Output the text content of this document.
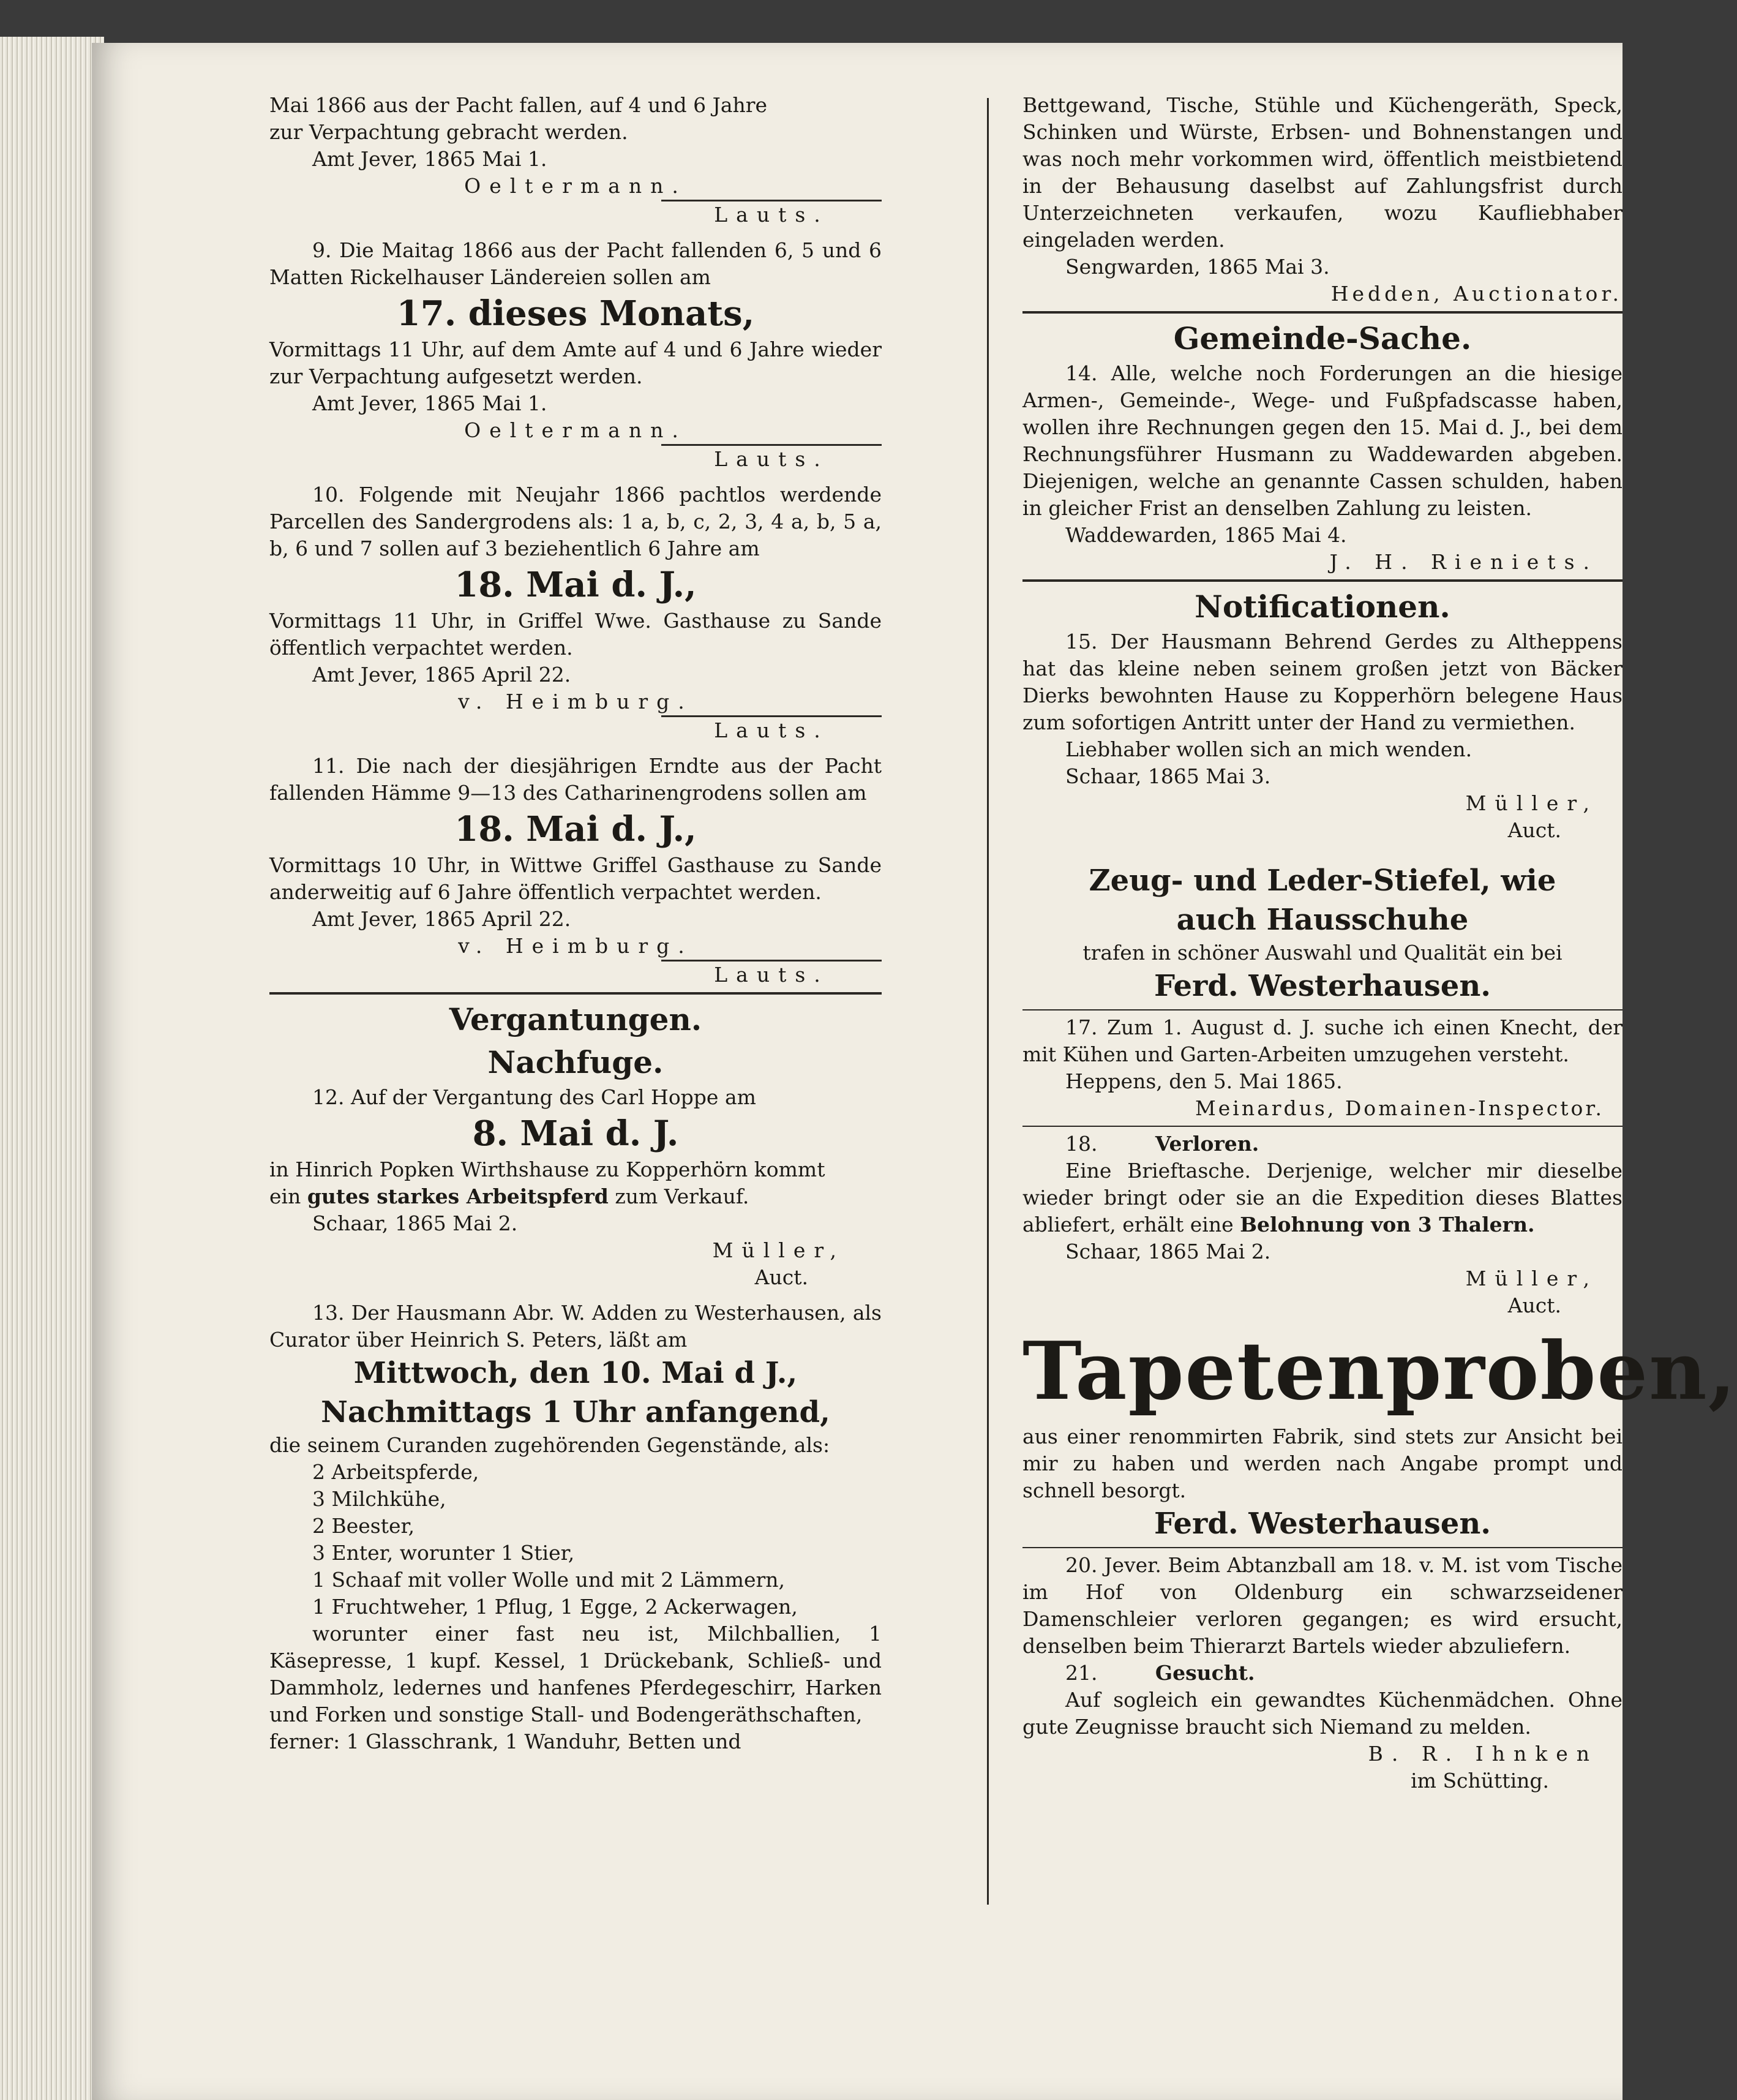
Mai 1866 aus der Pacht fallen, auf 4 und 6 Jahre

zur Verpachtung gebracht werden.

Amt Jever, 1865 Mai 1.

Oeltermann.

Lauts.

9. Die Maitag 1866 aus der Pacht fallenden 6, 5 und 6 Matten Rickelhauser Ländereien sollen am

17. dieses Monats,

Vormittags 11 Uhr, auf dem Amte auf 4 und 6 Jahre wieder zur Verpachtung aufgesetzt werden.

Amt Jever, 1865 Mai 1.

Oeltermann.

Lauts.

10. Folgende mit Neujahr 1866 pachtlos werdende Parcellen des Sandergrodens als: 1 a, b, c, 2, 3, 4 a, b, 5 a, b, 6 und 7 sollen auf 3 beziehentlich 6 Jahre am

18. Mai d. J.,

Vormittags 11 Uhr, in Griffel Wwe. Gasthause zu Sande öffentlich verpachtet werden.

Amt Jever, 1865 April 22.

v. Heimburg.

Lauts.

11. Die nach der diesjährigen Erndte aus der Pacht fallenden Hämme 9—13 des Catharinengrodens sollen am

18. Mai d. J.,

Vormittags 10 Uhr, in Wittwe Griffel Gasthause zu Sande anderweitig auf 6 Jahre öffentlich verpachtet werden.

Amt Jever, 1865 April 22.

v. Heimburg.

Lauts.
Vergantungen.
Nachfuge.

12. Auf der Vergantung des Carl Hoppe am

8. Mai d. J.

in Hinrich Popken Wirthshause zu Kopperhörn kommt

ein gutes starkes Arbeitspferd zum Verkauf.

Schaar, 1865 Mai 2.

Müller,

Auct.

13. Der Hausmann Abr. W. Adden zu Westerhausen, als Curator über Heinrich S. Peters, läßt am

Mittwoch, den 10. Mai d J.,
Nachmittags 1 Uhr anfangend,

die seinem Curanden zugehörenden Gegenstände, als:

2 Arbeitspferde,

3 Milchkühe,

2 Beester,

3 Enter, worunter 1 Stier,

1 Schaaf mit voller Wolle und mit 2 Lämmern,

1 Fruchtweher, 1 Pflug, 1 Egge, 2 Ackerwagen,

worunter einer fast neu ist, Milchballien, 1 Käsepresse, 1 kupf. Kessel, 1 Drückebank, Schließ- und Dammholz, ledernes und hanfenes Pferdegeschirr, Harken und Forken und sonstige Stall- und Bodengeräthschaften,

ferner: 1 Glasschrank, 1 Wanduhr, Betten und

Bettgewand, Tische, Stühle und Küchengeräth, Speck, Schinken und Würste, Erbsen- und Bohnenstangen und was noch mehr vorkommen wird, öffentlich meistbietend in der Behausung daselbst auf Zahlungsfrist durch Unterzeichneten verkaufen, wozu Kaufliebhaber eingeladen werden.

Sengwarden, 1865 Mai 3.

Hedden, Auctionator.

Gemeinde-Sache.

14. Alle, welche noch Forderungen an die hiesige Armen-, Gemeinde-, Wege- und Fußpfadscasse haben, wollen ihre Rechnungen gegen den 15. Mai d. J., bei dem Rechnungsführer Husmann zu Waddewarden abgeben. Diejenigen, welche an genannte Cassen schulden, haben in gleicher Frist an denselben Zahlung zu leisten.

Waddewarden, 1865 Mai 4.

J. H. Rieniets.

Notificationen.

15. Der Hausmann Behrend Gerdes zu Altheppens hat das kleine neben seinem großen jetzt von Bäcker Dierks bewohnten Hause zu Kopperhörn belegene Haus zum sofortigen Antritt unter der Hand zu vermiethen.

Liebhaber wollen sich an mich wenden.

Schaar, 1865 Mai 3.

Müller,

Auct.

Zeug- und Leder-Stiefel, wie
auch Hausschuhe

trafen in schöner Auswahl und Qualität ein bei

Ferd. Westerhausen.

17. Zum 1. August d. J. suche ich einen Knecht, der mit Kühen und Garten-Arbeiten umzugehen versteht.

Heppens, den 5. Mai 1865.

Meinardus, Domainen-Inspector.

18.	Verloren.

Eine Brieftasche. Derjenige, welcher mir dieselbe wieder bringt oder sie an die Expedition dieses Blattes abliefert, erhält eine Belohnung von 3 Thalern.

Schaar, 1865 Mai 2.

Müller,

Auct.

Tapetenproben,

aus einer renommirten Fabrik, sind stets zur Ansicht bei mir zu haben und werden nach Angabe prompt und schnell besorgt.

Ferd. Westerhausen.

20. Jever. Beim Abtanzball am 18. v. M. ist vom Tische im Hof von Oldenburg ein schwarzseidener Damenschleier verloren gegangen; es wird ersucht, denselben beim Thierarzt Bartels wieder abzuliefern.

21.	Gesucht.

Auf sogleich ein gewandtes Küchenmädchen. Ohne gute Zeugnisse braucht sich Niemand zu melden.

B. R. Ihnken

im Schütting.
